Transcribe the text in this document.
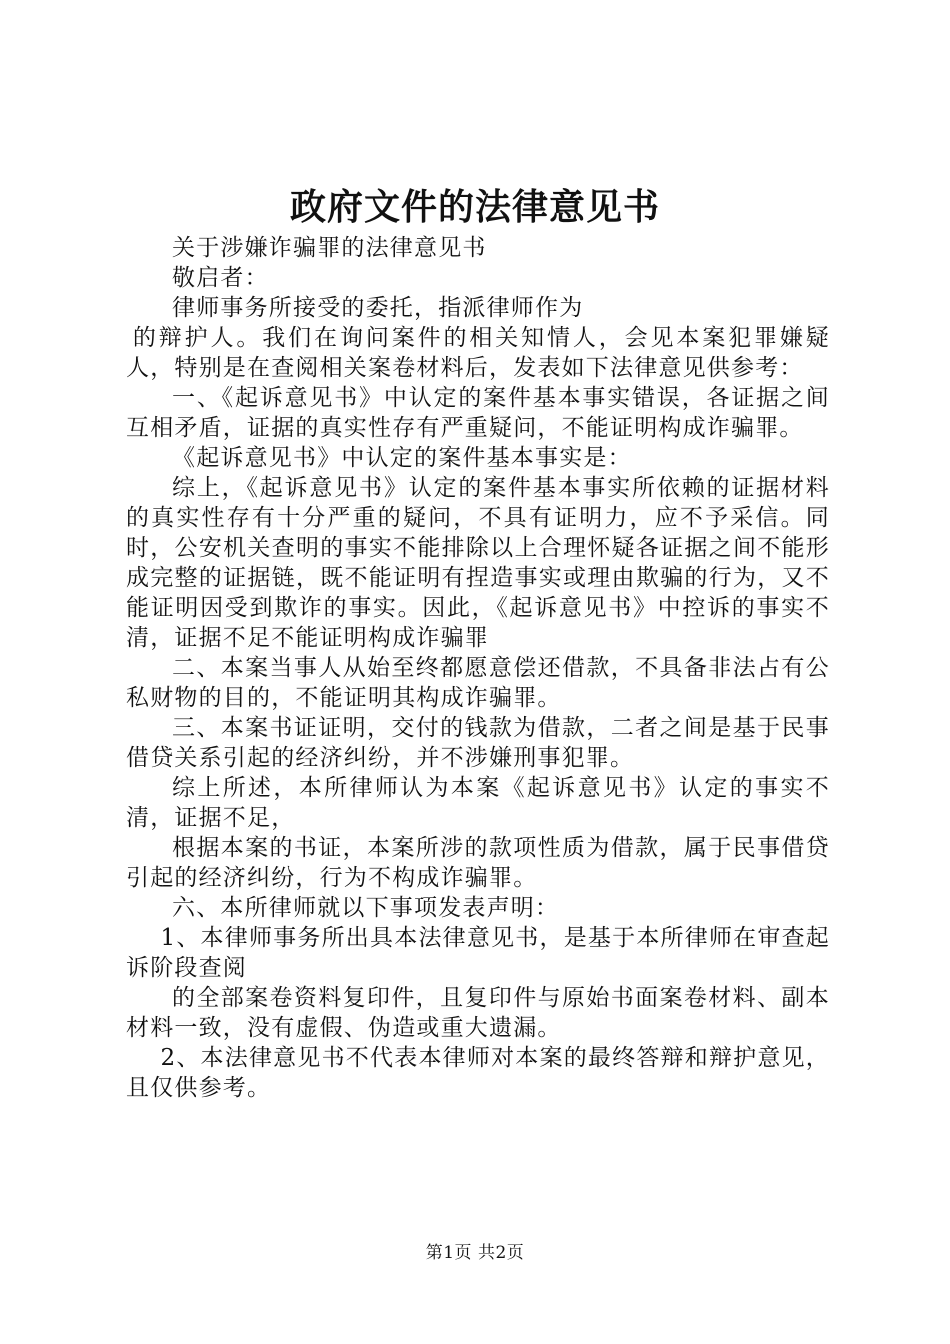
政府文件的法律意见书

关于涉嫌诈骗罪的法律意见书

敬启者：

律师事务所接受的委托，指派律师作为

的辩护人。我们在询问案件的相关知情人，会见本案犯罪嫌疑人，特别是在查阅相关案卷材料后，发表如下法律意见供参考：

一、《起诉意见书》中认定的案件基本事实错误，各证据之间互相矛盾，证据的真实性存有严重疑问，不能证明构成诈骗罪。

《起诉意见书》中认定的案件基本事实是：

综上，《起诉意见书》认定的案件基本事实所依赖的证据材料的真实性存有十分严重的疑问，不具有证明力，应不予采信。同时，公安机关查明的事实不能排除以上合理怀疑各证据之间不能形成完整的证据链，既不能证明有捏造事实或理由欺骗的行为，又不能证明因受到欺诈的事实。因此，《起诉意见书》中控诉的事实不清，证据不足不能证明构成诈骗罪

二、本案当事人从始至终都愿意偿还借款，不具备非法占有公私财物的目的，不能证明其构成诈骗罪。

三、本案书证证明，交付的钱款为借款，二者之间是基于民事借贷关系引起的经济纠纷，并不涉嫌刑事犯罪。

综上所述，本所律师认为本案《起诉意见书》认定的事实不清，证据不足，

根据本案的书证，本案所涉的款项性质为借款，属于民事借贷引起的经济纠纷，行为不构成诈骗罪。

六、本所律师就以下事项发表声明：

1、本律师事务所出具本法律意见书，是基于本所律师在审查起诉阶段查阅

的全部案卷资料复印件，且复印件与原始书面案卷材料、副本材料一致，没有虚假、伪造或重大遗漏。

2、本法律意见书不代表本律师对本案的最终答辩和辩护意见，且仅供参考。

第1页 共2页
